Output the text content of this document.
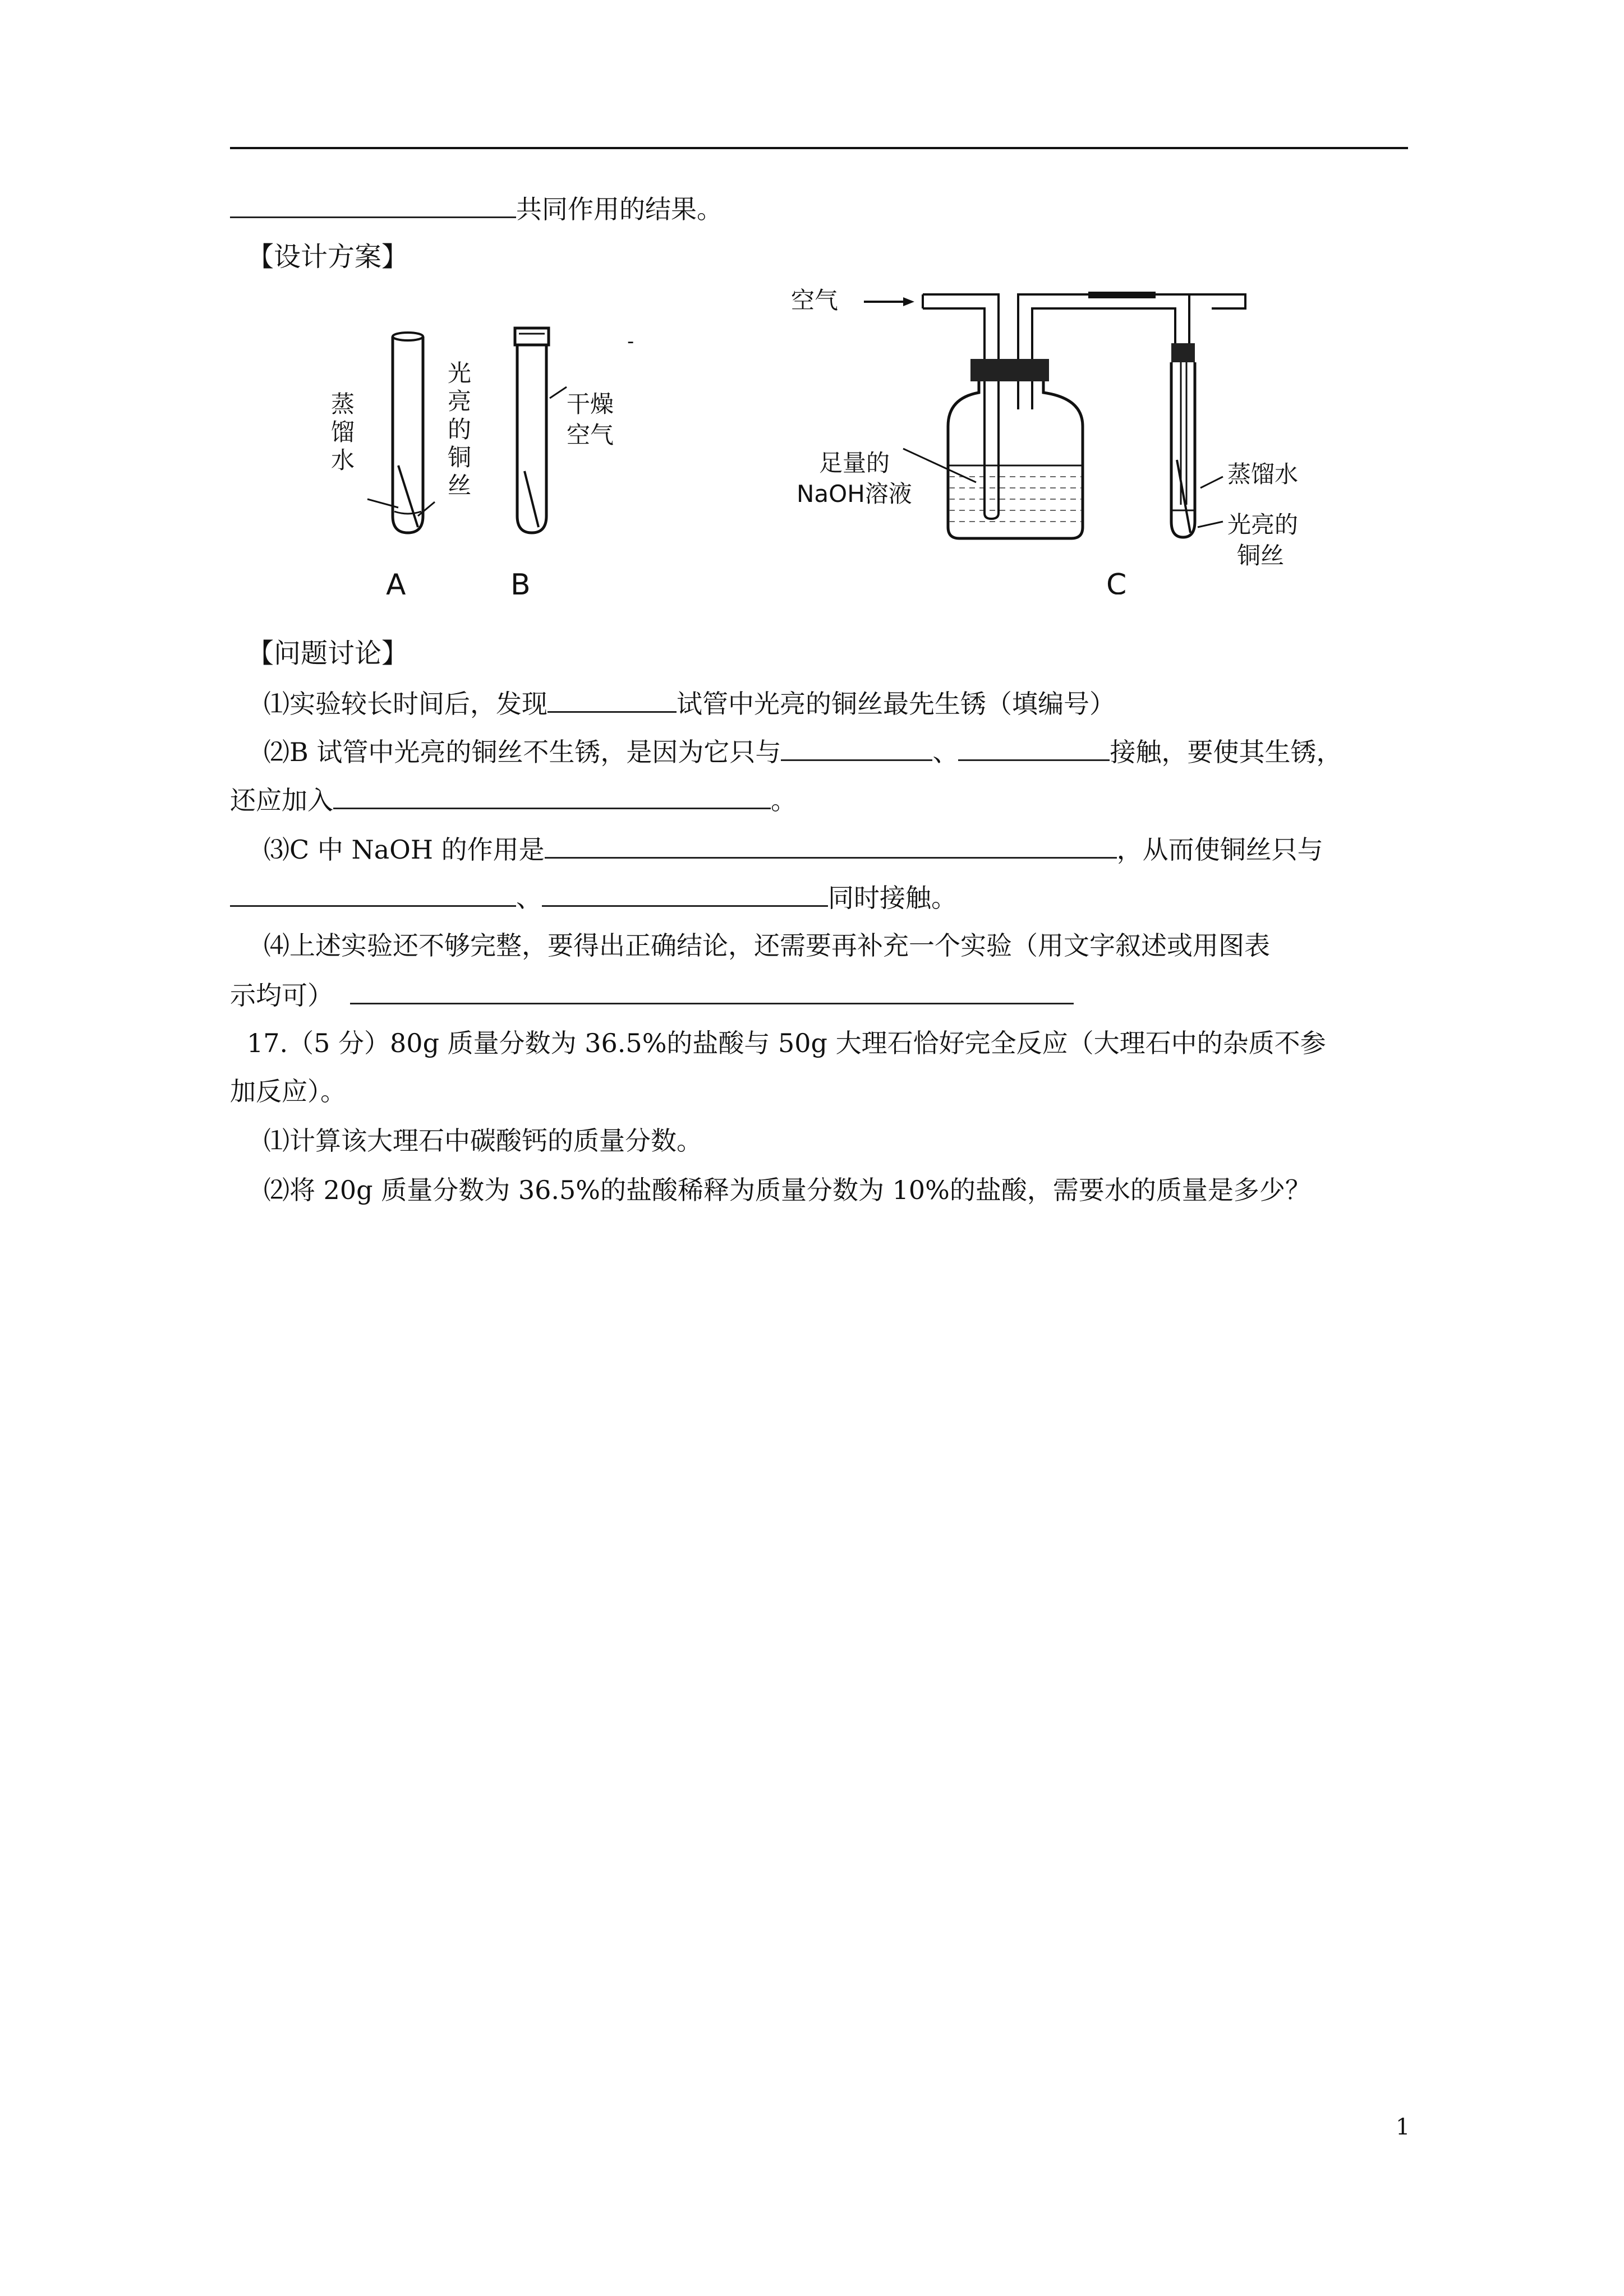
共同作用的结果。
【设计方案】
蒸
馏
水
光
亮
的
铜
丝
A
干燥
空气
B
-
空气
足量的
NaOH溶液
蒸馏水
光亮的
铜丝
C
【问题讨论】
⑴实验较长时间后，发现	试管中光亮的铜丝最先生锈（填编号）
⑵B 试管中光亮的铜丝不生锈，是因为它只与	、	接触，要使其生锈，
还应加入	。
⑶C 中 NaOH 的作用是	，从而使铜丝只与
、	同时接触。
⑷上述实验还不够完整，要得出正确结论，还需要再补充一个实验（用文字叙述或用图表
示均可）
17.（5 分）80g 质量分数为 36.5%的盐酸与 50g 大理石恰好完全反应（大理石中的杂质不参
加反应）。
⑴计算该大理石中碳酸钙的质量分数。
⑵将 20g 质量分数为 36.5%的盐酸稀释为质量分数为 10%的盐酸，需要水的质量是多少？
1
